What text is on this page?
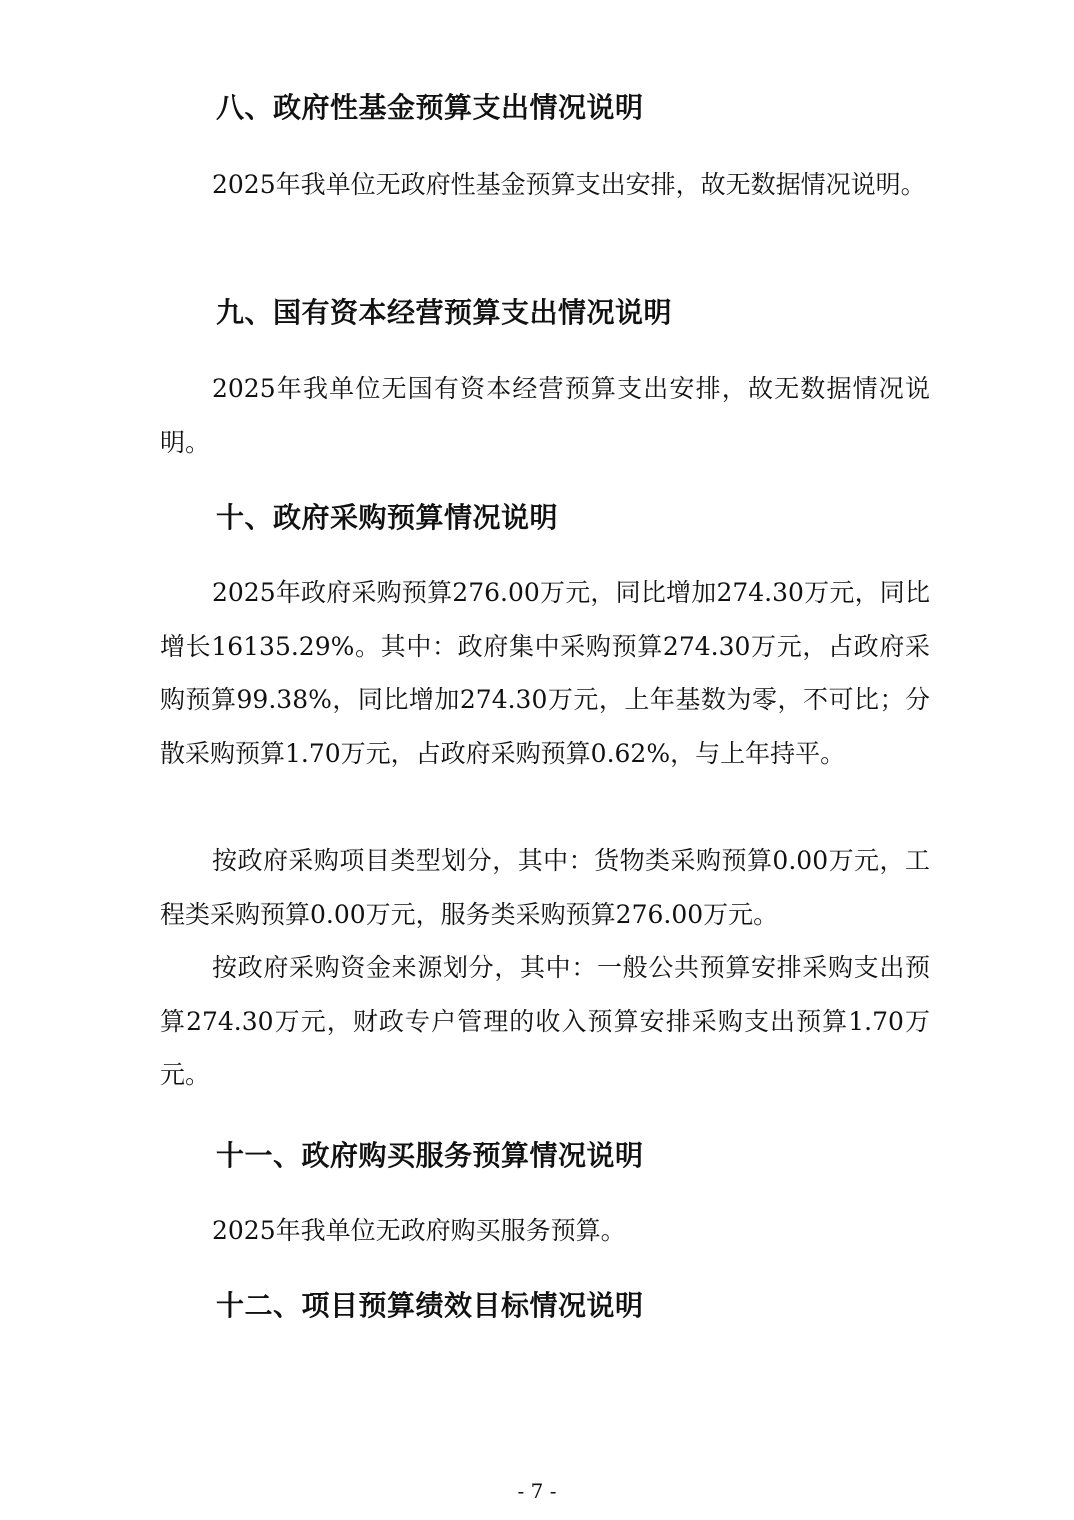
八、政府性基金预算支出情况说明

2025年我单位无政府性基金预算支出安排，故无数据情况说明。

九、国有资本经营预算支出情况说明

2025年我单位无国有资本经营预算支出安排，故无数据情况说明。

十、政府采购预算情况说明

2025年政府采购预算276.00万元，同比增加274.30万元，同比增长16135.29%。其中：政府集中采购预算274.30万元，占政府采购预算99.38%，同比增加274.30万元，上年基数为零，不可比；分散采购预算1.70万元，占政府采购预算0.62%，与上年持平。

按政府采购项目类型划分，其中：货物类采购预算0.00万元，工程类采购预算0.00万元，服务类采购预算276.00万元。

按政府采购资金来源划分，其中：一般公共预算安排采购支出预算274.30万元，财政专户管理的收入预算安排采购支出预算1.70万元。

十一、政府购买服务预算情况说明

2025年我单位无政府购买服务预算。

十二、项目预算绩效目标情况说明

- 7 -
